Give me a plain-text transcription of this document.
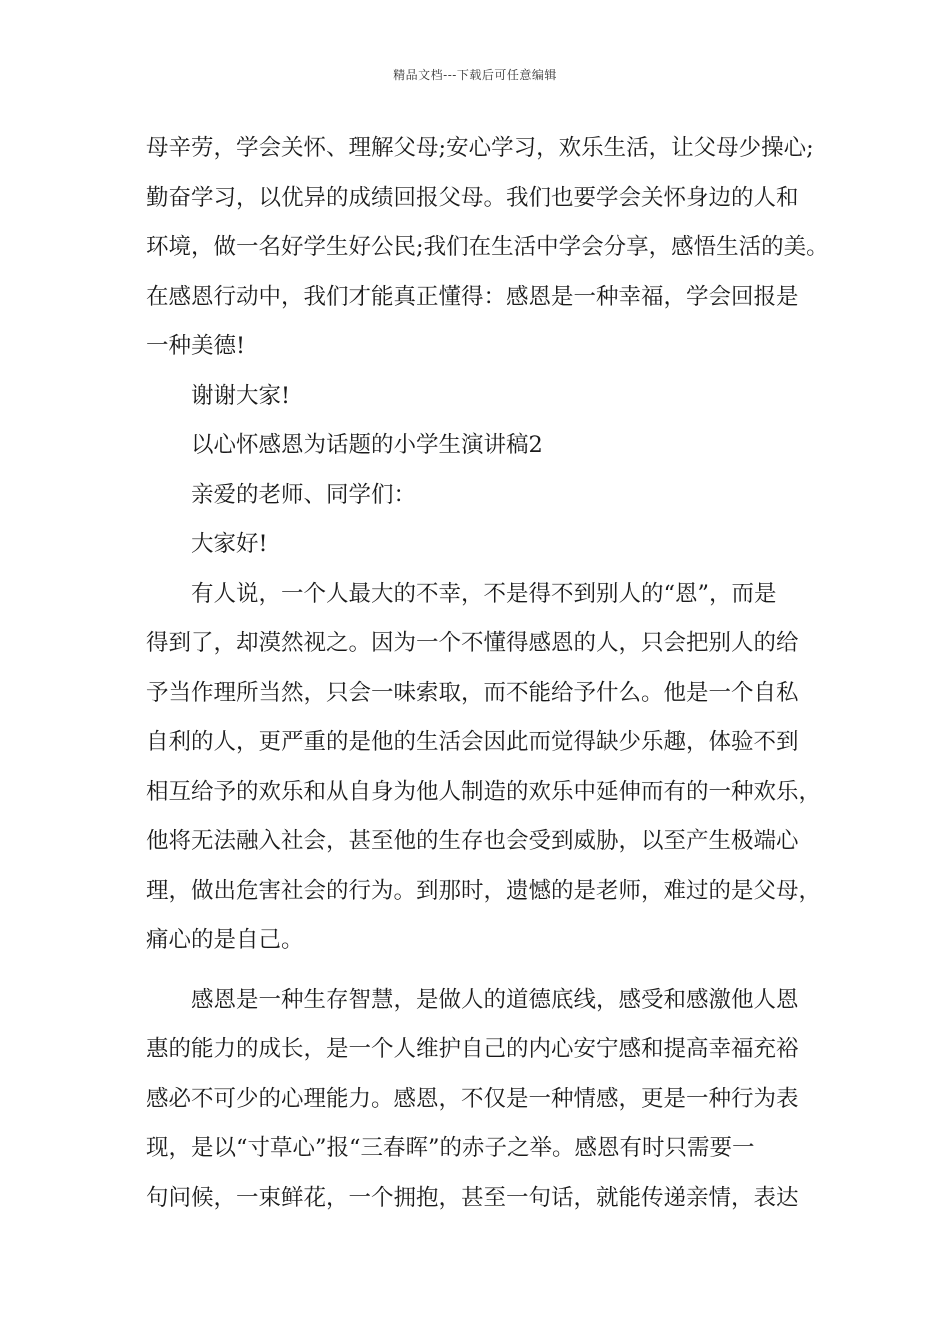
精品文档---下载后可任意编辑
母辛劳，学会关怀、理解父母;安心学习，欢乐生活，让父母少操心;
勤奋学习，以优异的成绩回报父母。我们也要学会关怀身边的人和
环境，做一名好学生好公民;我们在生活中学会分享，感悟生活的美。
在感恩行动中，我们才能真正懂得：感恩是一种幸福，学会回报是
一种美德!
谢谢大家!
以心怀感恩为话题的小学生演讲稿2
亲爱的老师、同学们：
大家好!
有人说，一个人最大的不幸，不是得不到别人的“恩”，而是
得到了，却漠然视之。因为一个不懂得感恩的人，只会把别人的给
予当作理所当然，只会一味索取，而不能给予什么。他是一个自私
自利的人，更严重的是他的生活会因此而觉得缺少乐趣，体验不到
相互给予的欢乐和从自身为他人制造的欢乐中延伸而有的一种欢乐，
他将无法融入社会，甚至他的生存也会受到威胁，以至产生极端心
理，做出危害社会的行为。到那时，遗憾的是老师，难过的是父母，
痛心的是自己。
感恩是一种生存智慧，是做人的道德底线，感受和感激他人恩
惠的能力的成长，是一个人维护自己的内心安宁感和提高幸福充裕
感必不可少的心理能力。感恩，不仅是一种情感，更是一种行为表
现，是以“寸草心”报“三春晖”的赤子之举。感恩有时只需要一
句问候，一束鲜花，一个拥抱，甚至一句话，就能传递亲情，表达
